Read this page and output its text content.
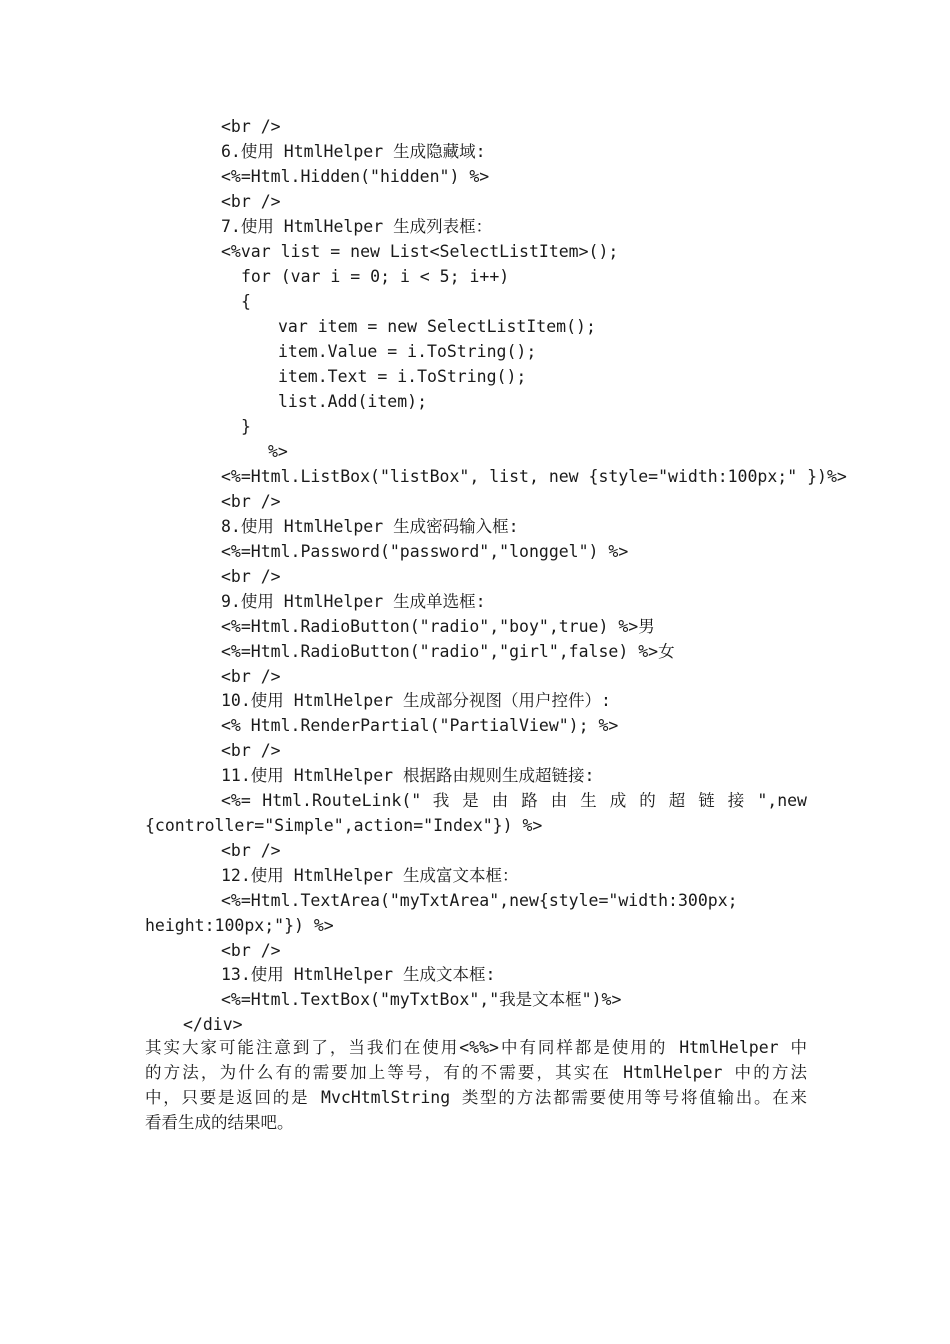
<br />
6.使用 HtmlHelper 生成隐藏域:
<%=Html.Hidden("hidden") %>
<br />
7.使用 HtmlHelper 生成列表框：
<%var list = new List<SelectListItem>();
for (var i = 0; i < 5; i++)
{
var item = new SelectListItem();
item.Value = i.ToString();
item.Text = i.ToString();
list.Add(item);
}
%>
<%=Html.ListBox("listBox", list, new {style="width:100px;" })%>
<br />
8.使用 HtmlHelper 生成密码输入框:
<%=Html.Password("password","longgel") %>
<br />
9.使用 HtmlHelper 生成单选框:
<%=Html.RadioButton("radio","boy",true) %>男
<%=Html.RadioButton("radio","girl",false) %>女
<br />
10.使用 HtmlHelper 生成部分视图（用户控件）:
<% Html.RenderPartial("PartialView"); %>
<br />
11.使用 HtmlHelper 根据路由规则生成超链接:
<%= Html.RouteLink(" 我 是 由 路 由 生 成 的 超 链 接 ",new
{controller="Simple",action="Index"}) %>
<br />
12.使用 HtmlHelper 生成富文本框：
<%=Html.TextArea("myTxtArea",new{style="width:300px;
height:100px;"}) %>
<br />
13.使用 HtmlHelper 生成文本框:
<%=Html.TextBox("myTxtBox","我是文本框")%>
</div>
其实大家可能注意到了，当我们在使用<%%>中有同样都是使用的 HtmlHelper 中
的方法，为什么有的需要加上等号，有的不需要，其实在 HtmlHelper 中的方法
中，只要是返回的是 MvcHtmlString 类型的方法都需要使用等号将值输出。在来
看看生成的结果吧。
